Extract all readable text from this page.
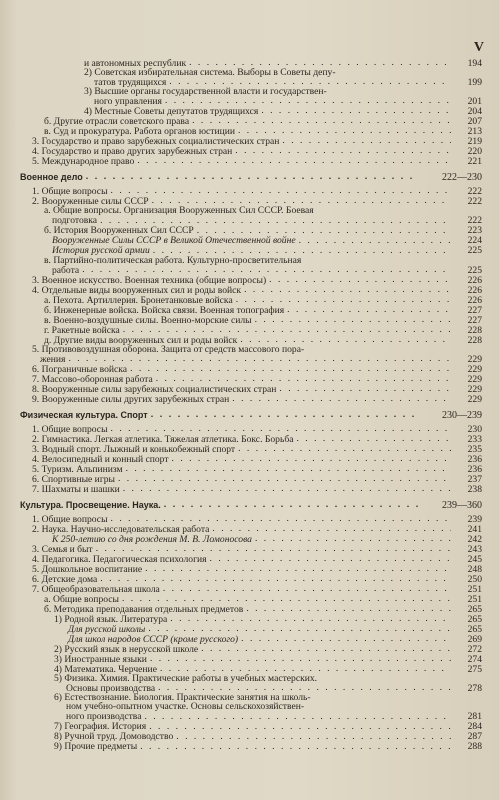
V
и автономных республик . . .	194
2) Советская избирательная система. Выборы в Советы депу-
татов трудящихся . . .	199
3) Высшие органы государственной власти и государствен-
ного управления . . .	201
4) Местные Советы депутатов трудящихся . . .	204
б. Другие отрасли советского права . . .	207
в. Суд и прокуратура. Работа органов юстиции . . .	213
3. Государство и право зарубежных социалистических стран . . .	219
4. Государство и право других зарубежных стран . . .	220
5. Международное право . . .	221
Военное дело . . .	222—230
1. Общие вопросы . . .	222
2. Вооруженные силы СССР . . .	222
а. Общие вопросы. Организация Вооруженных Сил СССР. Боевая
подготовка . . .	222
б. История Вооруженных Сил СССР . . .	223
Вооруженные Силы СССР в Великой Отечественной войне . . .	224
История русской армии . . .	225
в. Партийно-политическая работа. Культурно-просветительная
работа . . .	225
3. Военное искусство. Военная техника (общие вопросы) . . .	226
4. Отдельные виды вооруженных сил и роды войск . . .	226
а. Пехота. Артиллерия. Бронетанковые войска . . .	226
б. Инженерные войска. Войска связи. Военная топография . . .	227
в. Военно-воздушные силы. Военно-морские силы . . .	227
г. Ракетные войска . . .	228
д. Другие виды вооруженных сил и роды войск . . .	228
5. Противовоздушная оборона. Защита от средств массового пора-
жения . . .	229
6. Пограничные войска . . .	229
7. Массово-оборонная работа . . .	229
8. Вооруженные силы зарубежных социалистических стран . . .	229
9. Вооруженные силы других зарубежных стран . . .	229
Физическая культура. Спорт . . .	230—239
1. Общие вопросы . . .	230
2. Гимнастика. Легкая атлетика. Тяжелая атлетика. Бокс. Борьба . . .	233
3. Водный спорт. Лыжный и конькобежный спорт . . .	235
4. Велосипедный и конный спорт . . .	236
5. Туризм. Альпинизм . . .	236
6. Спортивные игры . . .	237
7. Шахматы и шашки . . .	238
Культура. Просвещение. Наука. . . .	239—360
1. Общие вопросы . . .	239
2. Наука. Научно-исследовательская работа . . .	241
К 250-летию со дня рождения М. В. Ломоносова . . .	242
3. Семья и быт . . .	243
4. Педагогика. Педагогическая психология . . .	245
5. Дошкольное воспитание . . .	248
6. Детские дома . . .	250
7. Общеобразовательная школа . . .	251
а. Общие вопросы . . .	251
б. Методика преподавания отдельных предметов . . .	265
1) Родной язык. Литература . . .	265
Для русской школы . . .	265
Для школ народов СССР (кроме русского) . . .	269
2) Русский язык в нерусской школе . . .	272
3) Иностранные языки . . .	274
4) Математика. Черчение . . .	275
5) Физика. Химия. Практические работы в учебных мастерских.
Основы производства . . .	278
6) Естествознание. Биология. Практические занятия на школь-
ном учебно-опытном участке. Основы сельскохозяйствен-
ного производства . . .	281
7) География. История . . .	284
8) Ручной труд. Домоводство . . .	287
9) Прочие предметы . . .	288
